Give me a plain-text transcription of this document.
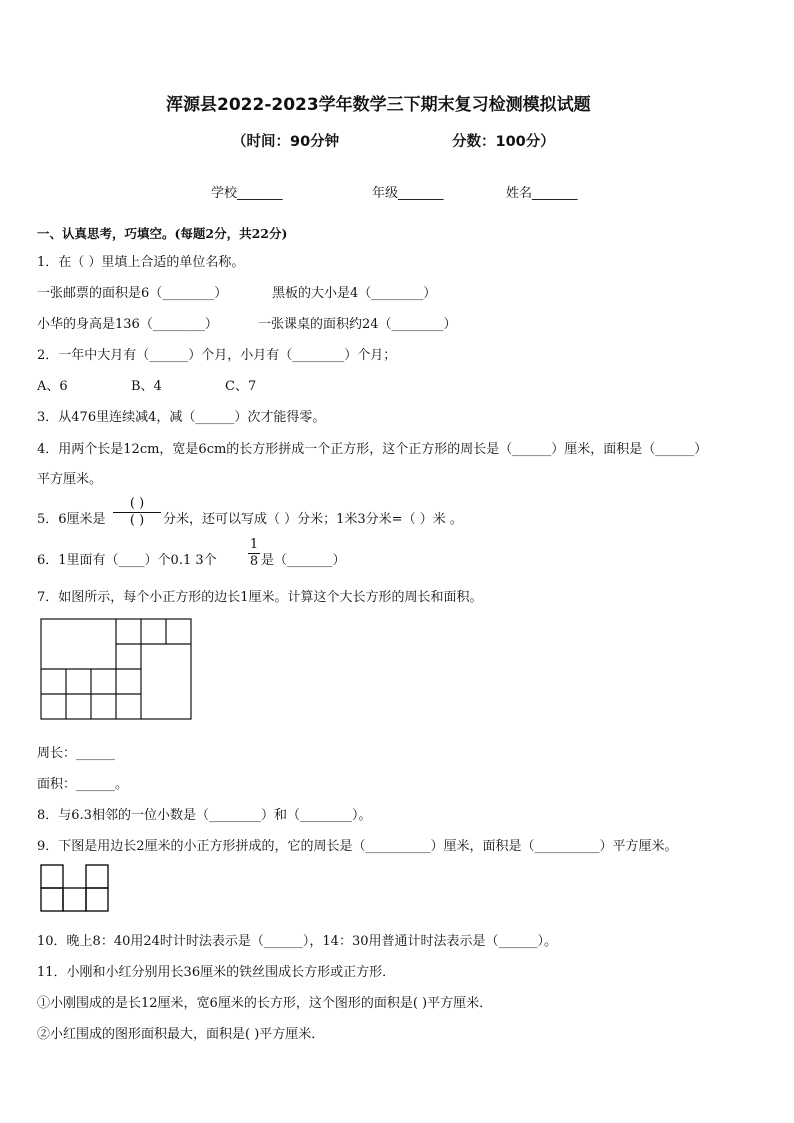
浑源县2022-2023学年数学三下期末复习检测模拟试题
（时间：90分钟	分数：100分）
学校_______	年级_______	姓名_______
一、认真思考，巧填空。(每题2分，共22分)
1．在（ ）里填上合适的单位名称。
一张邮票的面积是6（________）	黑板的大小是4（________）
小华的身高是136（________）	一张课桌的面积约24（________）
2．一年中大月有（______）个月，小月有（________）个月；
A、6	B、4	C、7
3．从476里连续减4，减（______）次才能得零。
4．用两个长是12cm，宽是6cm的长方形拼成一个正方形，这个正方形的周长是（______）厘米，面积是（______）
平方厘米。
5．6厘米是
( )
( )	分米，还可以写成（ ）分米；1米3分米=（ ）米 。
6．1里面有（____）个0.1 3个 $\frac{1}{8}$ 是（_______）
7．如图所示，每个小正方形的边长1厘米。计算这个大长方形的周长和面积。
周长：______
面积：______。
8．与6.3相邻的一位小数是（________）和（________）。
9．下图是用边长2厘米的小正方形拼成的，它的周长是（__________）厘米，面积是（__________）平方厘米。
10．晚上8：40用24时计时法表示是（______），14：30用普通计时法表示是（______）。
11．小刚和小红分别用长36厘米的铁丝围成长方形或正方形．
①小刚围成的是长12厘米，宽6厘米的长方形，这个图形的面积是( )平方厘米．
②小红围成的图形面积最大，面积是( )平方厘米．
